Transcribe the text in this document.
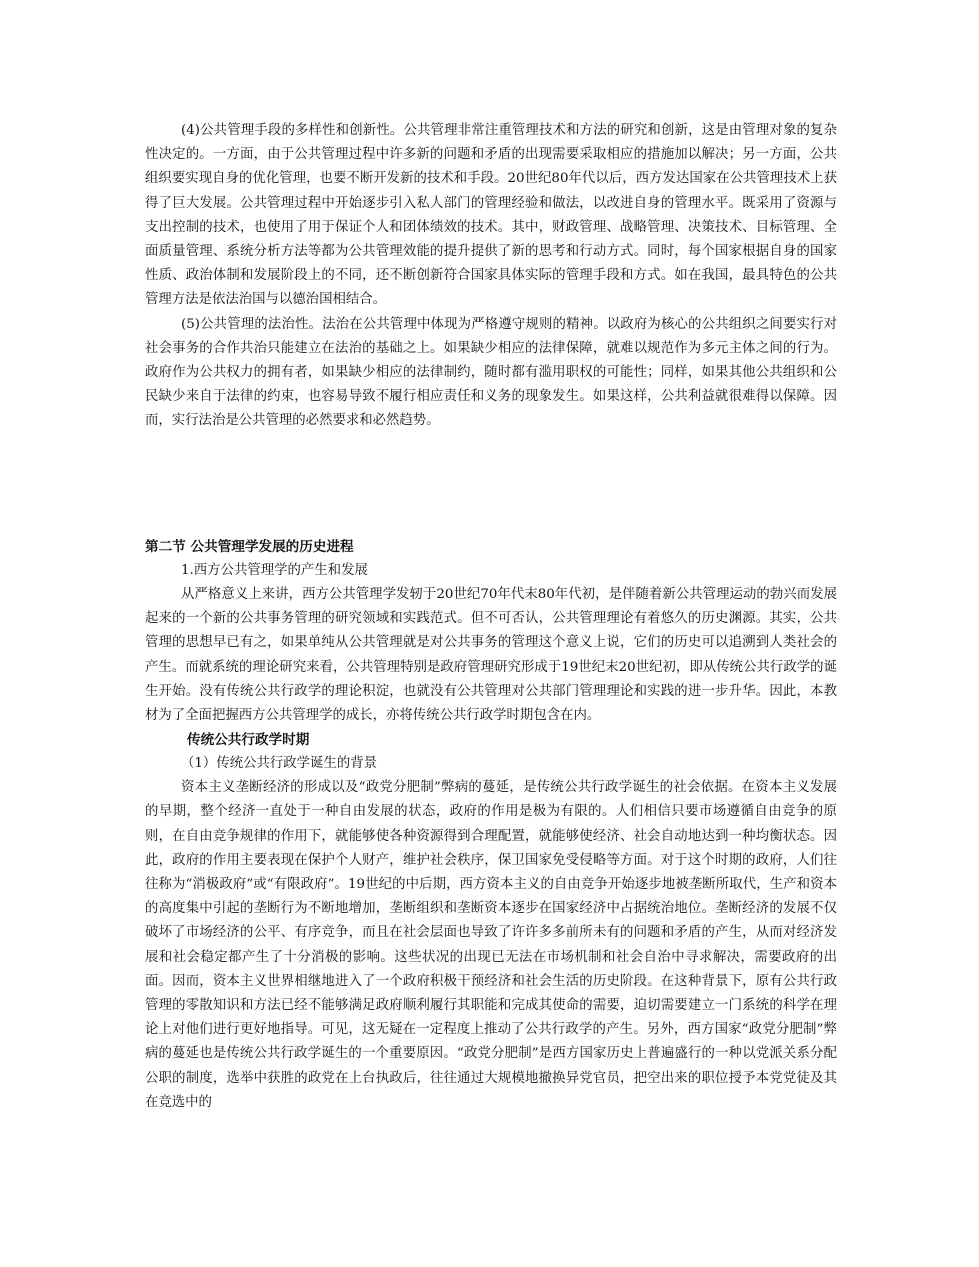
(4)公共管理手段的多样性和创新性。公共管理非常注重管理技术和方法的研究和创新，这是由管理对象的复杂性决定的。一方面，由于公共管理过程中许多新的问题和矛盾的出现需要采取相应的措施加以解决；另一方面，公共组织要实现自身的优化管理，也要不断开发新的技术和手段。20世纪80年代以后，西方发达国家在公共管理技术上获得了巨大发展。公共管理过程中开始逐步引入私人部门的管理经验和做法，以改进自身的管理水平。既采用了资源与支出控制的技术，也使用了用于保证个人和团体绩效的技术。其中，财政管理、战略管理、决策技术、目标管理、全面质量管理、系统分析方法等都为公共管理效能的提升提供了新的思考和行动方式。同时，每个国家根据自身的国家性质、政治体制和发展阶段上的不同，还不断创新符合国家具体实际的管理手段和方式。如在我国，最具特色的公共管理方法是依法治国与以德治国相结合。

(5)公共管理的法治性。法治在公共管理中体现为严格遵守规则的精神。以政府为核心的公共组织之间要实行对社会事务的合作共治只能建立在法治的基础之上。如果缺少相应的法律保障，就难以规范作为多元主体之间的行为。政府作为公共权力的拥有者，如果缺少相应的法律制约，随时都有滥用职权的可能性；同样，如果其他公共组织和公民缺少来自于法律的约束，也容易导致不履行相应责任和义务的现象发生。如果这样，公共利益就很难得以保障。因而，实行法治是公共管理的必然要求和必然趋势。

第二节 公共管理学发展的历史进程

1.西方公共管理学的产生和发展

从严格意义上来讲，西方公共管理学发轫于20世纪70年代末80年代初，是伴随着新公共管理运动的勃兴而发展起来的一个新的公共事务管理的研究领域和实践范式。但不可否认，公共管理理论有着悠久的历史渊源。其实，公共管理的思想早已有之，如果单纯从公共管理就是对公共事务的管理这个意义上说，它们的历史可以追溯到人类社会的产生。而就系统的理论研究来看，公共管理特别是政府管理研究形成于19世纪末20世纪初，即从传统公共行政学的诞生开始。没有传统公共行政学的理论积淀，也就没有公共管理对公共部门管理理论和实践的进一步升华。因此，本教材为了全面把握西方公共管理学的成长，亦将传统公共行政学时期包含在内。

传统公共行政学时期

（1）传统公共行政学诞生的背景

资本主义垄断经济的形成以及“政党分肥制”弊病的蔓延，是传统公共行政学诞生的社会依据。在资本主义发展的早期，整个经济一直处于一种自由发展的状态，政府的作用是极为有限的。人们相信只要市场遵循自由竞争的原则，在自由竞争规律的作用下，就能够使各种资源得到合理配置，就能够使经济、社会自动地达到一种均衡状态。因此，政府的作用主要表现在保护个人财产，维护社会秩序，保卫国家免受侵略等方面。对于这个时期的政府，人们往往称为“消极政府”或“有限政府”。19世纪的中后期，西方资本主义的自由竞争开始逐步地被垄断所取代，生产和资本的高度集中引起的垄断行为不断地增加，垄断组织和垄断资本逐步在国家经济中占据统治地位。垄断经济的发展不仅破坏了市场经济的公平、有序竞争，而且在社会层面也导致了许许多多前所未有的问题和矛盾的产生，从而对经济发展和社会稳定都产生了十分消极的影响。这些状况的出现已无法在市场机制和社会自治中寻求解决，需要政府的出面。因而，资本主义世界相继地进入了一个政府积极干预经济和社会生活的历史阶段。在这种背景下，原有公共行政管理的零散知识和方法已经不能够满足政府顺利履行其职能和完成其使命的需要，迫切需要建立一门系统的科学在理论上对他们进行更好地指导。可见，这无疑在一定程度上推动了公共行政学的产生。另外，西方国家“政党分肥制”弊病的蔓延也是传统公共行政学诞生的一个重要原因。“政党分肥制”是西方国家历史上普遍盛行的一种以党派关系分配公职的制度，选举中获胜的政党在上台执政后，往往通过大规模地撤换异党官员，把空出来的职位授予本党党徒及其在竞选中的
